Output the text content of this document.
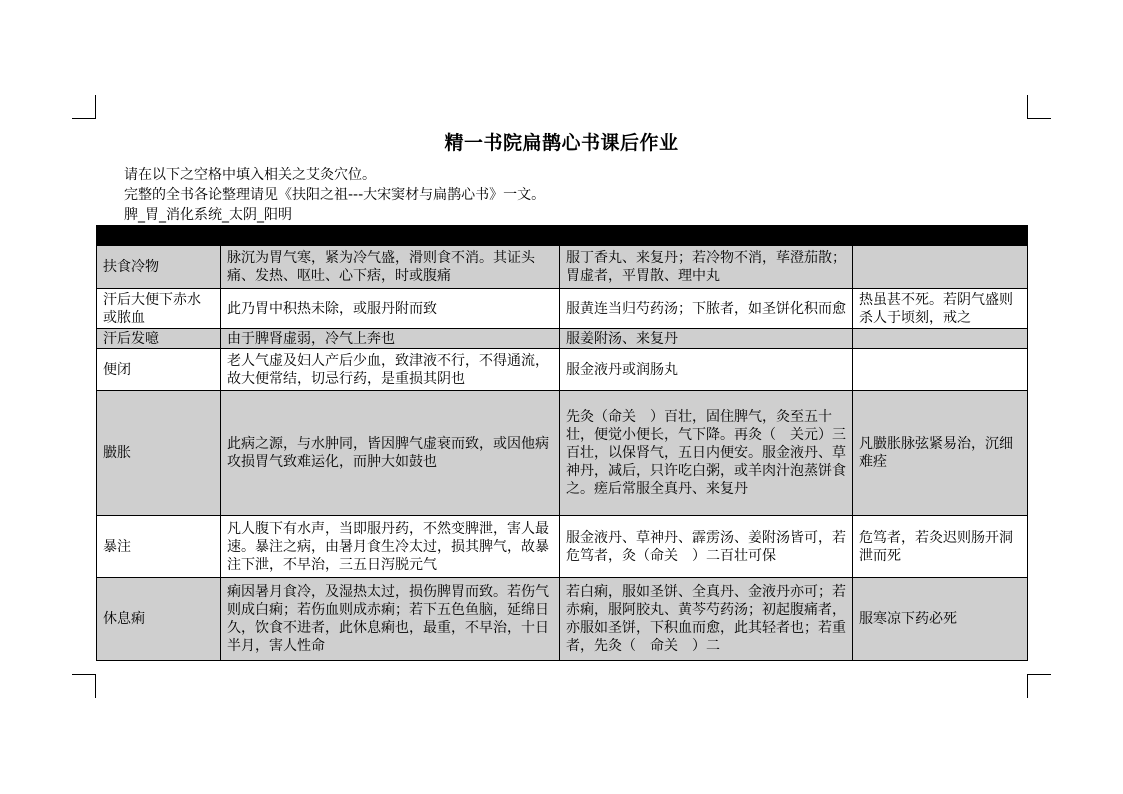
精一书院扁鹊心书课后作业
请在以下之空格中填入相关之艾灸穴位。
完整的全书各论整理请见《扶阳之祖---大宋窦材与扁鹊心书》一文。
脾_胃_消化系统_太阴_阳明

扶食冷物	脉沉为胃气寒，紧为冷气盛，滑则食不消。其证头痛、发热、呕吐、心下痞，时或腹痛	服丁香丸、来复丹；若冷物不消，荜澄茄散；胃虚者，平胃散、理中丸	

汗后大便下赤水或脓血	此乃胃中积热未除，或服丹附而致	服黄连当归芍药汤；下脓者，如圣饼化积而愈	热虽甚不死。若阴气盛则杀人于顷刻，戒之

汗后发噫	由于脾肾虚弱，冷气上奔也	服姜附汤、来复丹	

便闭	老人气虚及妇人产后少血，致津液不行，不得通流，故大便常结，切忌行药，是重损其阴也	服金液丹或润肠丸	

臌胀	此病之源，与水肿同，皆因脾气虚衰而致，或因他病攻损胃气致难运化，而肿大如鼓也	先灸（命关　）百壮，固住脾气，灸至五十壮，便觉小便长，气下降。再灸（　关元）三百壮，以保肾气，五日内便安。服金液丹、草神丹，减后，只许吃白粥，或羊肉汁泡蒸饼食之。瘥后常服全真丹、来复丹	凡臌胀脉弦紧易治，沉细难痊

暴注	凡人腹下有水声，当即服丹药，不然变脾泄，害人最速。暴注之病，由暑月食生冷太过，损其脾气，故暴注下泄，不早治，三五日泻脱元气	服金液丹、草神丹、霹雳汤、姜附汤皆可，若危笃者，灸（命关　）二百壮可保	危笃者，若灸迟则肠开洞泄而死

休息痢	痢因暑月食冷，及湿热太过，损伤脾胃而致。若伤气则成白痢；若伤血则成赤痢；若下五色鱼脑，延绵日久，饮食不进者，此休息痢也，最重，不早治，十日半月，害人性命	若白痢，服如圣饼、全真丹、金液丹亦可；若赤痢，服阿胶丸、黄芩芍药汤；初起腹痛者，亦服如圣饼，下积血而愈，此其轻者也；若重者，先灸（　命关　）二	服寒凉下药必死
